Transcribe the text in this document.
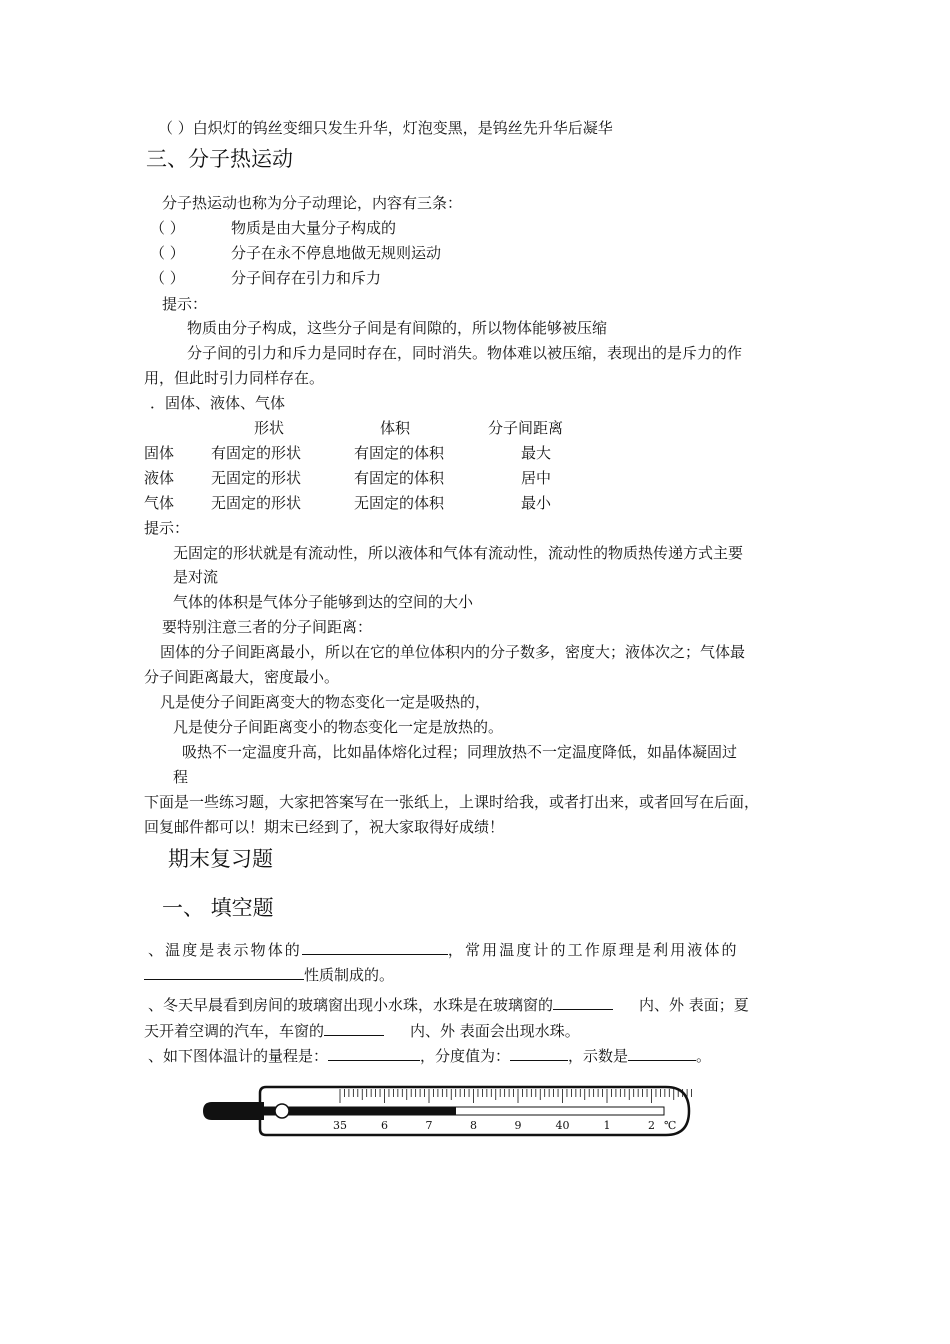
（ ）白炽灯的钨丝变细只发生升华，灯泡变黑，是钨丝先升华后凝华
三、分子热运动
分子热运动也称为分子动理论，内容有三条：
（ ）	物质是由大量分子构成的
（ ）	分子在永不停息地做无规则运动
（ ）	分子间存在引力和斥力
提示：
物质由分子构成，这些分子间是有间隙的，所以物体能够被压缩
分子间的引力和斥力是同时存在，同时消失。物体难以被压缩，表现出的是斥力的作
用，但此时引力同样存在。
．固体、液体、气体
形状	体积	分子间距离
固体 有固定的形状	有固定的体积	最大
液体 无固定的形状	有固定的体积	居中
气体 无固定的形状	无固定的体积	最小
提示：
无固定的形状就是有流动性，所以液体和气体有流动性，流动性的物质热传递方式主要
是对流
气体的体积是气体分子能够到达的空间的大小
要特别注意三者的分子间距离：
固体的分子间距离最小，所以在它的单位体积内的分子数多，密度大；液体次之；气体最
分子间距离最大，密度最小。
凡是使分子间距离变大的物态变化一定是吸热的，
凡是使分子间距离变小的物态变化一定是放热的。
吸热不一定温度升高，比如晶体熔化过程；同理放热不一定温度降低，如晶体凝固过
程
下面是一些练习题，大家把答案写在一张纸上，上课时给我，或者打出来，或者回写在后面，
回复邮件都可以！期末已经到了，祝大家取得好成绩！
期末复习题
一、 填空题
、温度是表示物体的	，常用温度计的工作原理是利用液体的
性质制成的。
、冬天早晨看到房间的玻璃窗出现小水珠，水珠是在玻璃窗的	内、外 表面；夏
天开着空调的汽车，车窗的	内、外 表面会出现水珠。
、如下图体温计的量程是：	，分度值为：	，示数是	。
35	6	7	8	9	40	1	2 ℃
